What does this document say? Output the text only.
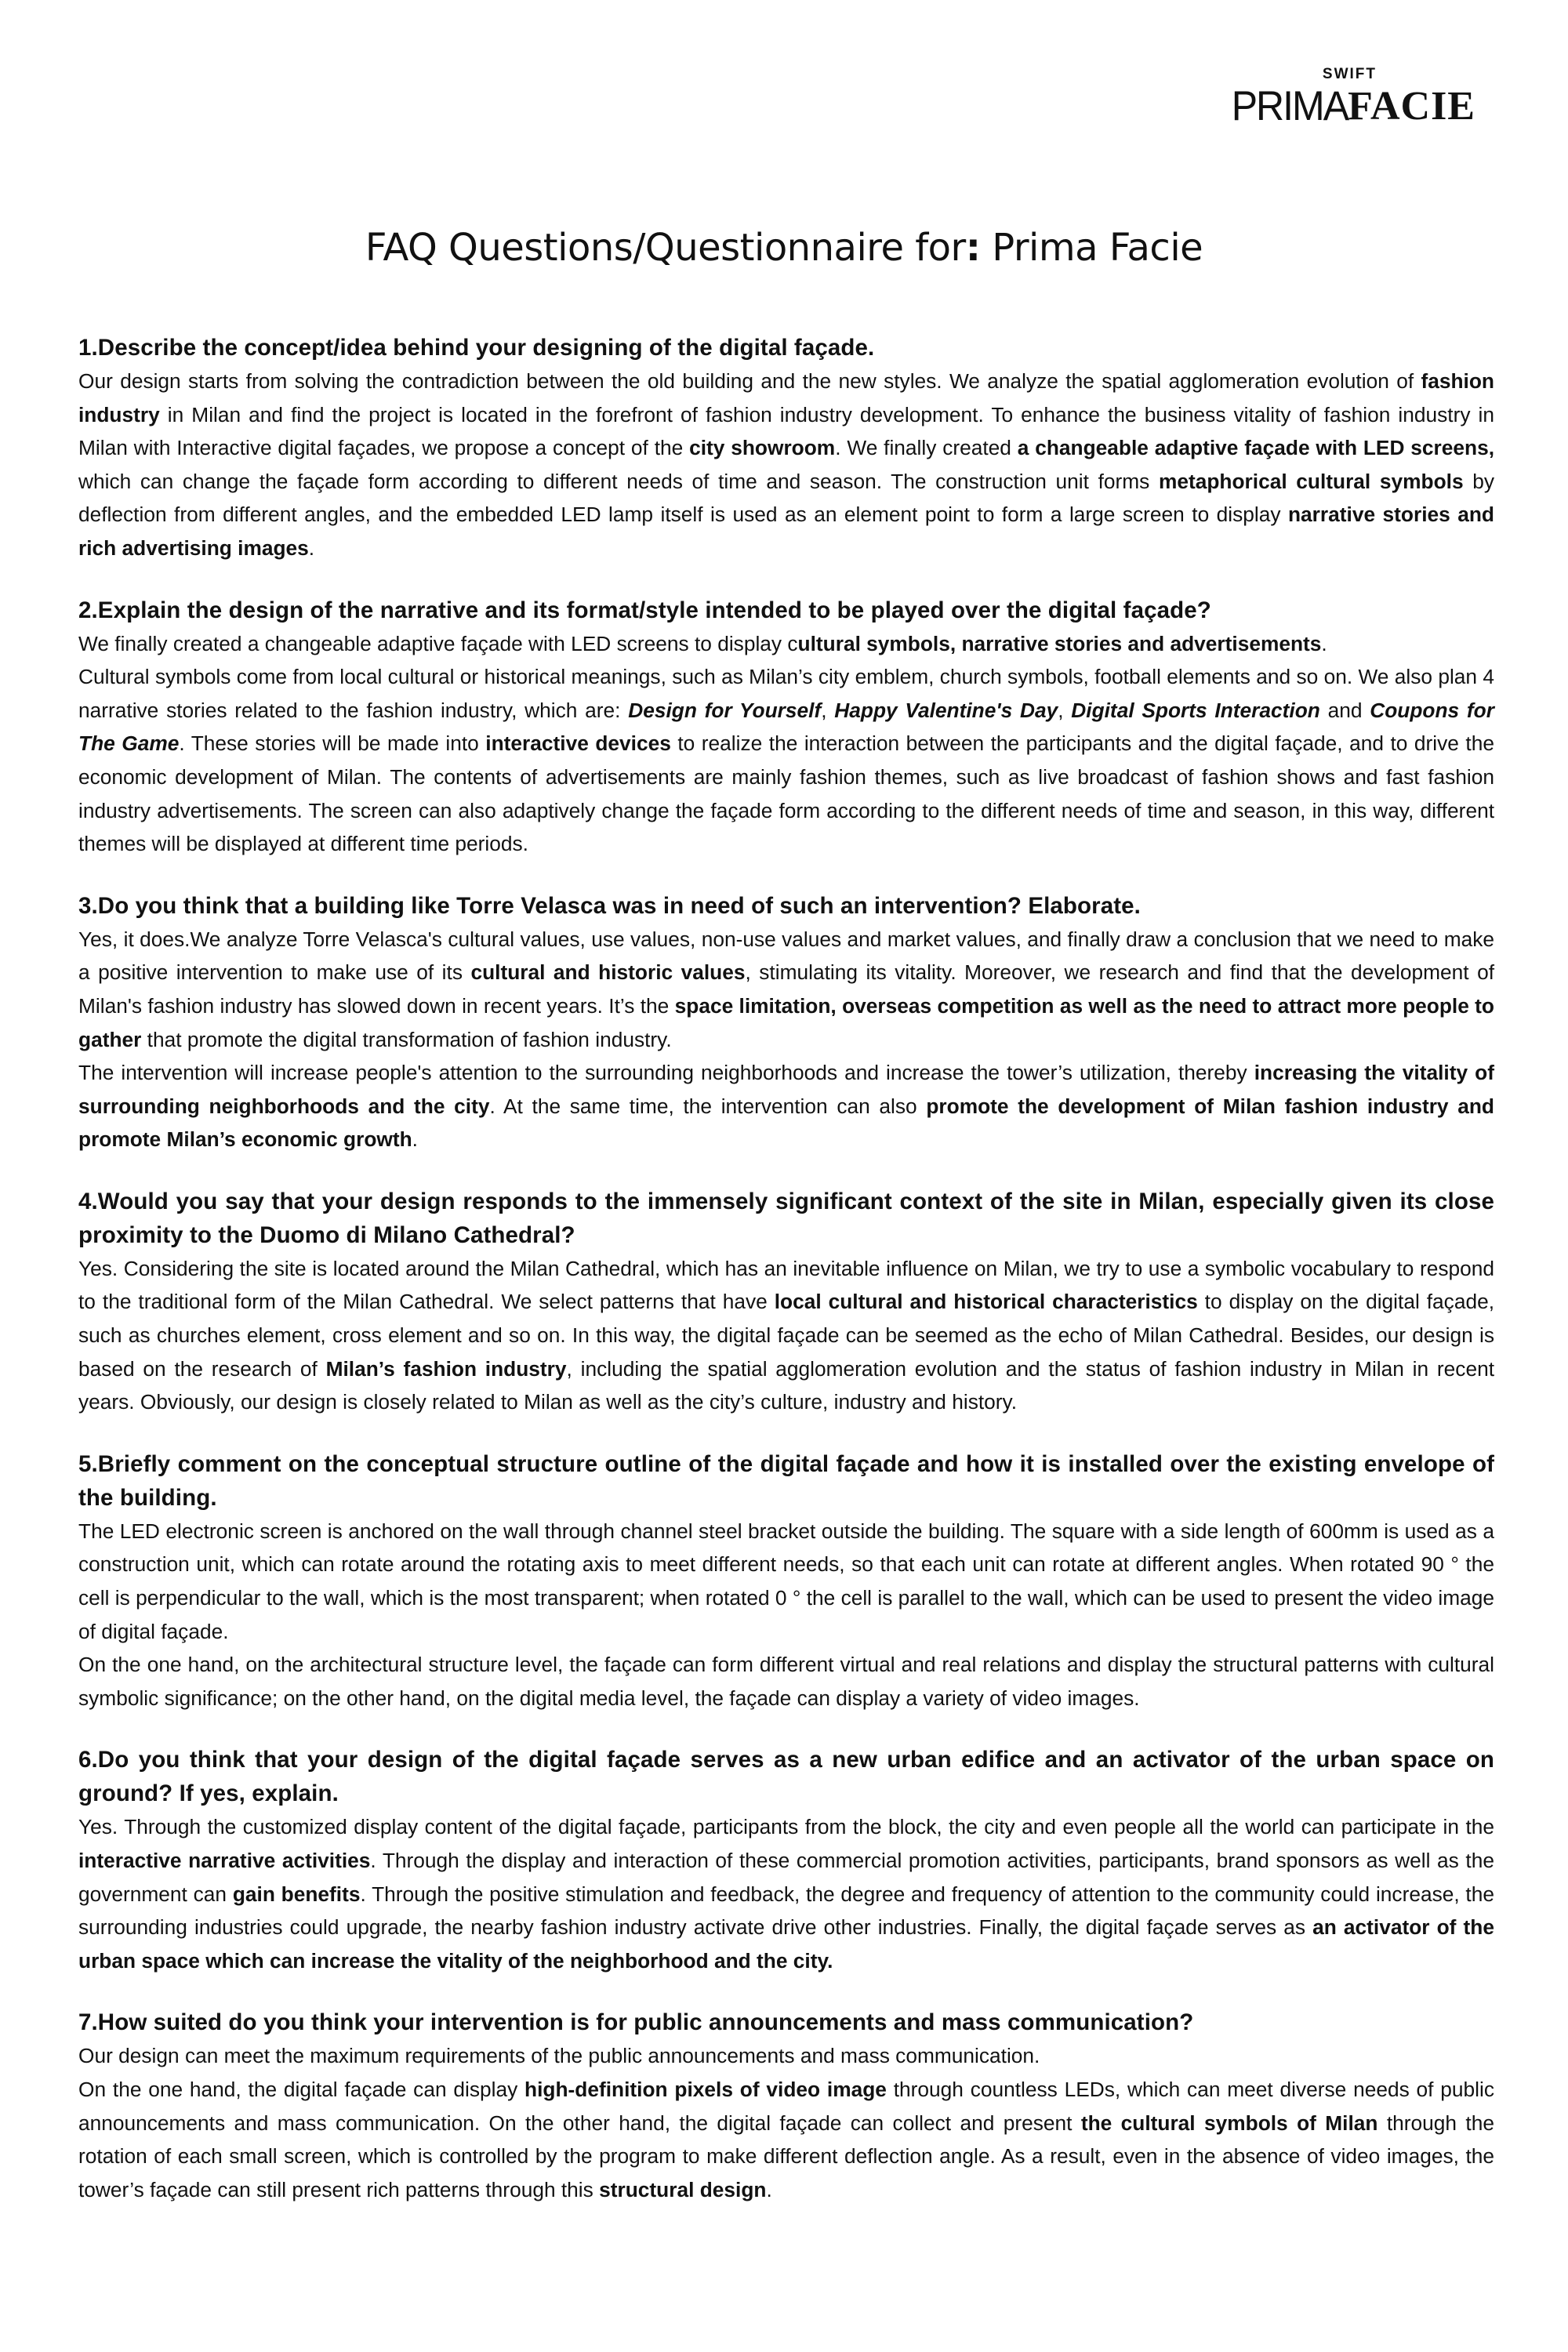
SWIFT
PRIMAFACIE
FAQ Questions/Questionnaire for: Prima Facie
1.Describe the concept/idea behind your designing of the digital façade.

Our design starts from solving the contradiction between the old building and the new styles. We analyze the spatial agglomeration evolution of fashion industry in Milan and find the project is located in the forefront of fashion industry development. To enhance the business vitality of fashion industry in Milan with Interactive digital façades, we propose a concept of the city showroom. We finally created a changeable adaptive façade with LED screens, which can change the façade form according to different needs of time and season. The construction unit forms metaphorical cultural symbols by deflection from different angles, and the embedded LED lamp itself is used as an element point to form a large screen to display narrative stories and rich advertising images.

2.Explain the design of the narrative and its format/style intended to be played over the digital façade?

We finally created a changeable adaptive façade with LED screens to display cultural symbols, narrative stories and advertisements.

Cultural symbols come from local cultural or historical meanings, such as Milan’s city emblem, church symbols, football elements and so on. We also plan 4 narrative stories related to the fashion industry, which are: Design for Yourself, Happy Valentine's Day, Digital Sports Interaction and Coupons for The Game. These stories will be made into interactive devices to realize the interaction between the participants and the digital façade, and to drive the economic development of Milan. The contents of advertisements are mainly fashion themes, such as live broadcast of fashion shows and fast fashion industry advertisements. The screen can also adaptively change the façade form according to the different needs of time and season, in this way, different themes will be displayed at different time periods.

3.Do you think that a building like Torre Velasca was in need of such an intervention? Elaborate.

Yes, it does.We analyze Torre Velasca's cultural values, use values, non-use values and market values, and finally draw a conclusion that we need to make a positive intervention to make use of its cultural and historic values, stimulating its vitality. Moreover, we research and find that the development of Milan's fashion industry has slowed down in recent years. It’s the space limitation, overseas competition as well as the need to attract more people to gather that promote the digital transformation of fashion industry.

The intervention will increase people's attention to the surrounding neighborhoods and increase the tower’s utilization, thereby increasing the vitality of surrounding neighborhoods and the city. At the same time, the intervention can also promote the development of Milan fashion industry and promote Milan’s economic growth.

4.Would you say that your design responds to the immensely significant context of the site in Milan, especially given its close proximity to the Duomo di Milano Cathedral?

Yes. Considering the site is located around the Milan Cathedral, which has an inevitable influence on Milan, we try to use a symbolic vocabulary to respond to the traditional form of the Milan Cathedral. We select patterns that have local cultural and historical characteristics to display on the digital façade, such as churches element, cross element and so on. In this way, the digital façade can be seemed as the echo of Milan Cathedral. Besides, our design is based on the research of Milan’s fashion industry, including the spatial agglomeration evolution and the status of fashion industry in Milan in recent years. Obviously, our design is closely related to Milan as well as the city’s culture, industry and history.

5.Briefly comment on the conceptual structure outline of the digital façade and how it is installed over the existing envelope of the building.

The LED electronic screen is anchored on the wall through channel steel bracket outside the building. The square with a side length of 600mm is used as a construction unit, which can rotate around the rotating axis to meet different needs, so that each unit can rotate at different angles. When rotated 90 ° the cell is perpendicular to the wall, which is the most transparent; when rotated 0 ° the cell is parallel to the wall, which can be used to present the video image of digital façade.

On the one hand, on the architectural structure level, the façade can form different virtual and real relations and display the structural patterns with cultural symbolic significance; on the other hand, on the digital media level, the façade can display a variety of video images.

6.Do you think that your design of the digital façade serves as a new urban edifice and an activator of the urban space on ground? If yes, explain.

Yes. Through the customized display content of the digital façade, participants from the block, the city and even people all the world can participate in the interactive narrative activities. Through the display and interaction of these commercial promotion activities, participants, brand sponsors as well as the government can gain benefits. Through the positive stimulation and feedback, the degree and frequency of attention to the community could increase, the surrounding industries could upgrade, the nearby fashion industry activate drive other industries. Finally, the digital façade serves as an activator of the urban space which can increase the vitality of the neighborhood and the city.

7.How suited do you think your intervention is for public announcements and mass communication?

Our design can meet the maximum requirements of the public announcements and mass communication.

On the one hand, the digital façade can display high-definition pixels of video image through countless LEDs, which can meet diverse needs of public announcements and mass communication. On the other hand, the digital façade can collect and present the cultural symbols of Milan through the rotation of each small screen, which is controlled by the program to make different deflection angle. As a result, even in the absence of video images, the tower’s façade can still present rich patterns through this structural design.
